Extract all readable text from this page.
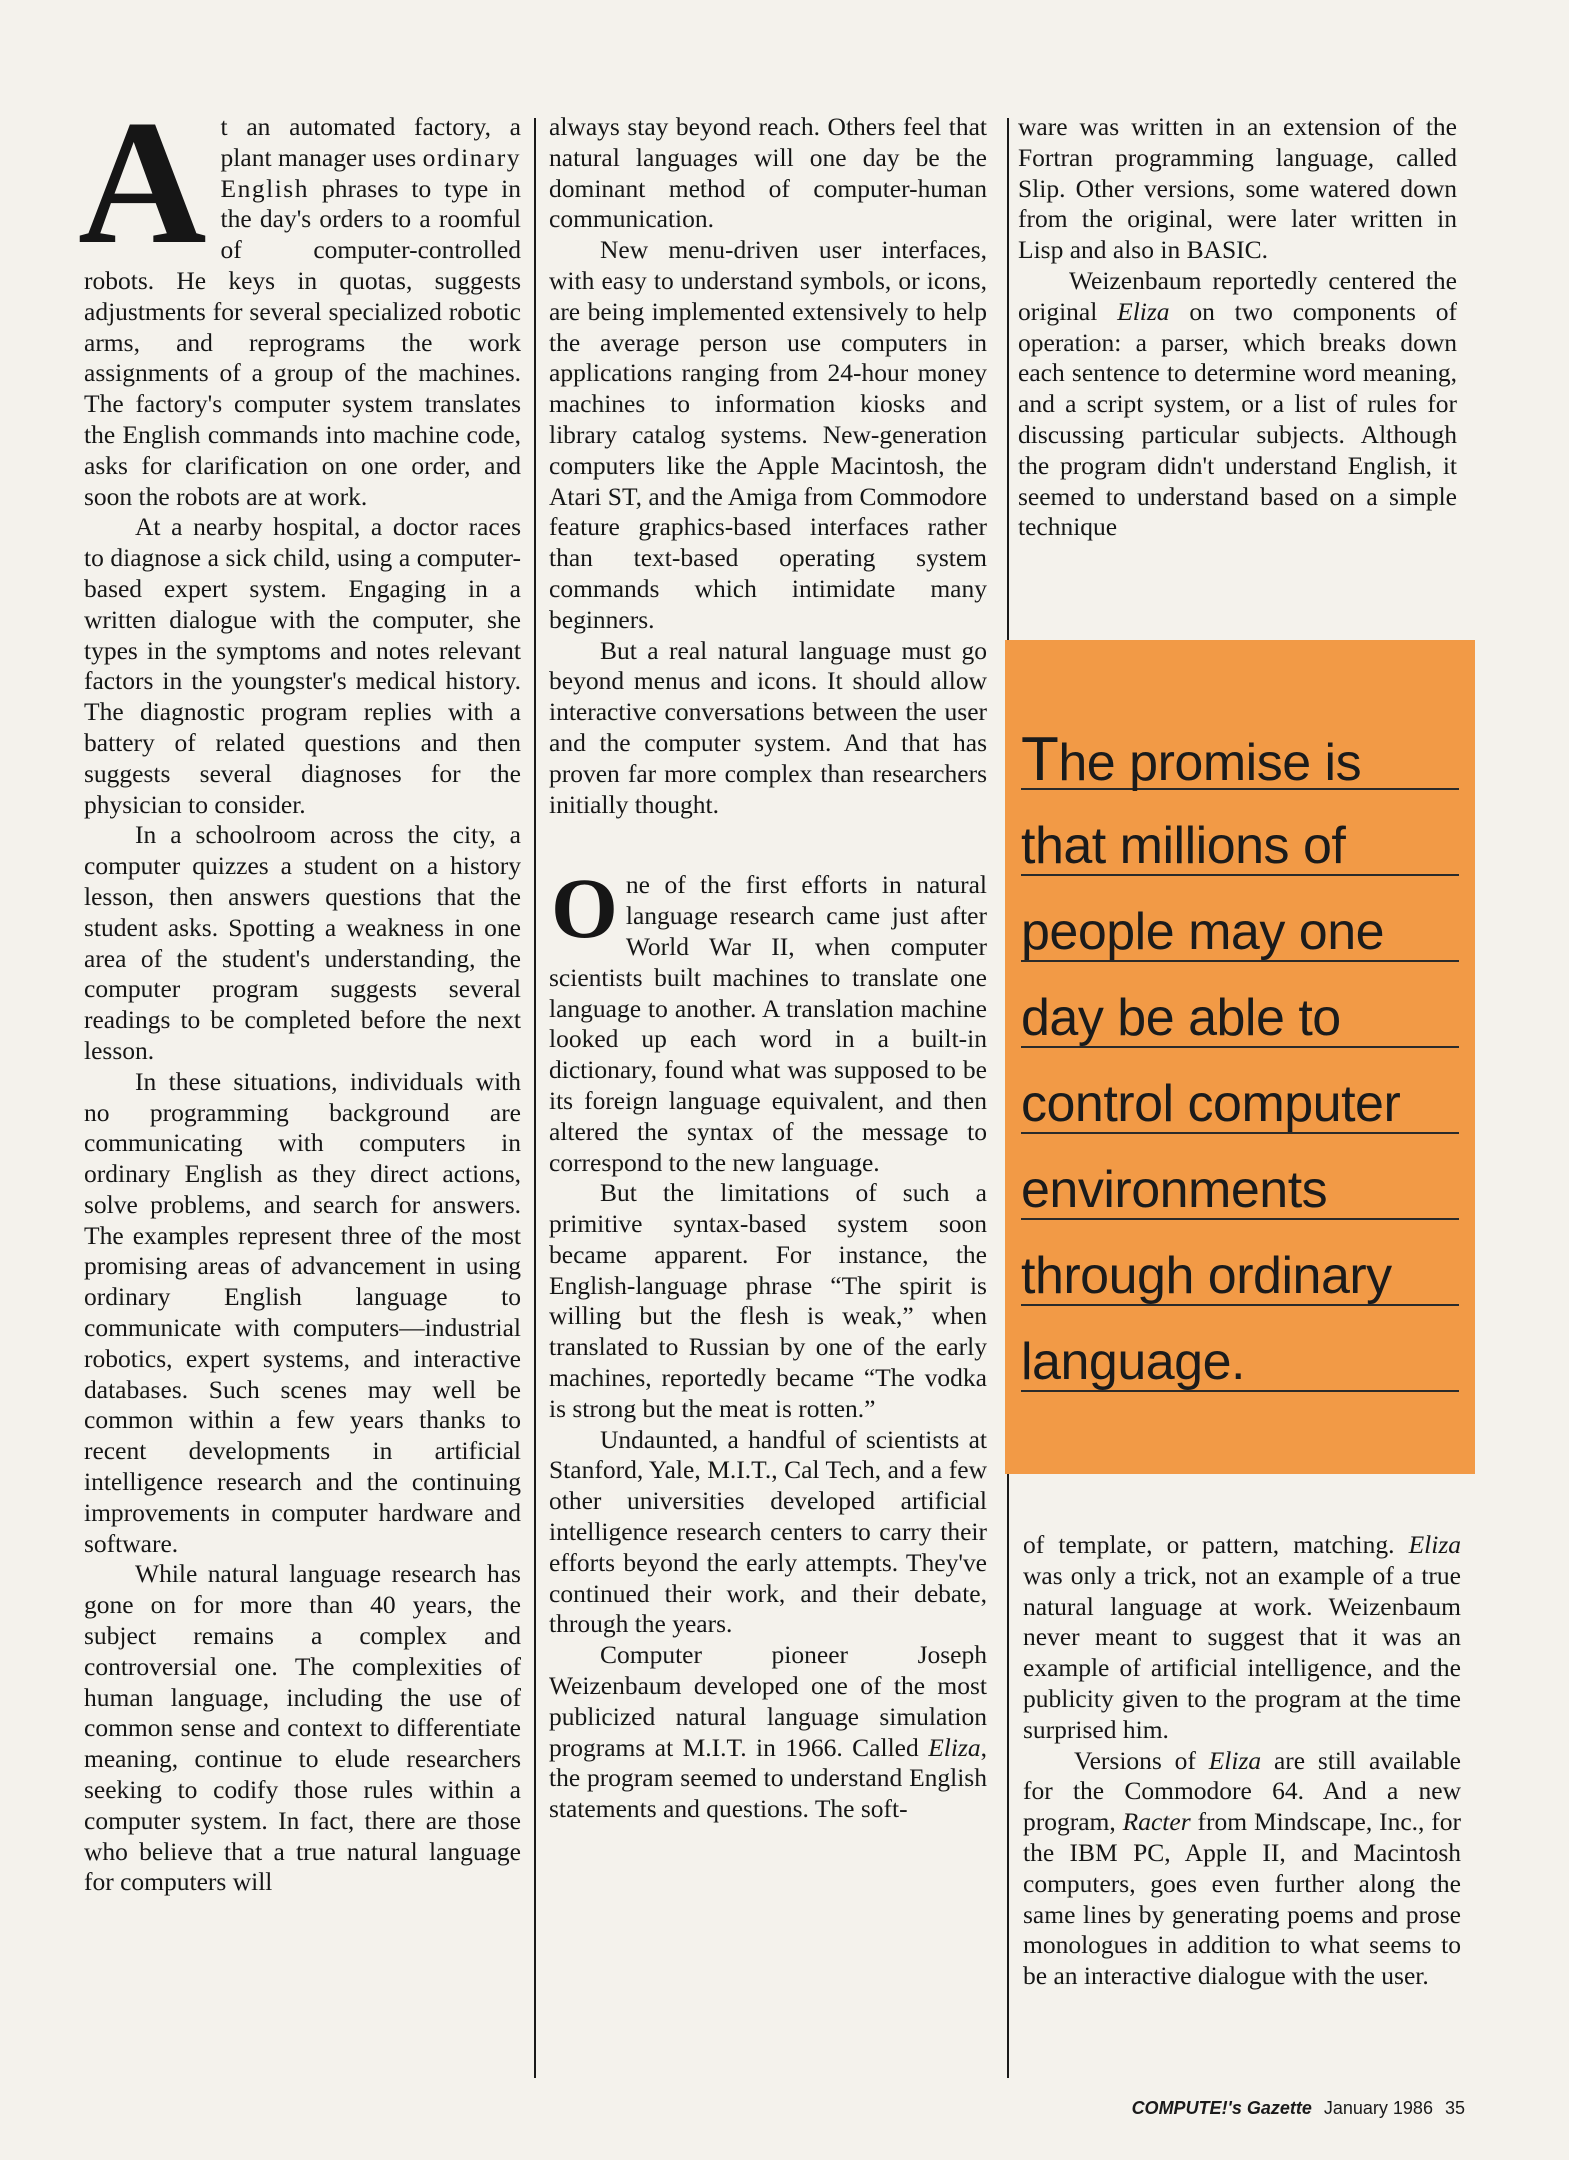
At an automated factory, a plant manager uses ordinary English phrases to type in the day's orders to a roomful of computer-controlled robots. He keys in quotas, suggests adjustments for several specialized robotic arms, and reprograms the work assignments of a group of the machines. The factory's computer system translates the English commands into machine code, asks for clarification on one order, and soon the robots are at work.

At a nearby hospital, a doctor races to diagnose a sick child, using a computer-based expert system. Engaging in a written dialogue with the computer, she types in the symptoms and notes relevant factors in the youngster's medical history. The diagnostic program replies with a battery of related questions and then suggests several diagnoses for the physician to consider.

In a schoolroom across the city, a computer quizzes a student on a history lesson, then answers questions that the student asks. Spotting a weakness in one area of the student's understanding, the computer program suggests several readings to be completed before the next lesson.

In these situations, individuals with no programming background are communicating with computers in ordinary English as they direct actions, solve problems, and search for answers. The examples represent three of the most promising areas of advancement in using ordinary English language to communicate with computers—industrial robotics, expert systems, and interactive databases. Such scenes may well be common within a few years thanks to recent developments in artificial intelligence research and the continuing improvements in computer hardware and software.

While natural language research has gone on for more than 40 years, the subject remains a complex and controversial one. The complexities of human language, including the use of common sense and context to differentiate meaning, continue to elude researchers seeking to codify those rules within a computer system. In fact, there are those who believe that a true natural language for computers will

always stay beyond reach. Others feel that natural languages will one day be the dominant method of computer-human communication.

New menu-driven user interfaces, with easy to understand symbols, or icons, are being implemented extensively to help the average person use computers in applications ranging from 24-hour money machines to information kiosks and library catalog systems. New-generation computers like the Apple Macintosh, the Atari ST, and the Amiga from Commodore feature graphics-based interfaces rather than text-based operating system commands which intimidate many beginners.

But a real natural language must go beyond menus and icons. It should allow interactive conversations between the user and the computer system. And that has proven far more complex than researchers initially thought.

One of the first efforts in natural language research came just after World War II, when computer scientists built machines to translate one language to another. A translation machine looked up each word in a built-in dictionary, found what was supposed to be its foreign language equivalent, and then altered the syntax of the message to correspond to the new language.

But the limitations of such a primitive syntax-based system soon became apparent. For instance, the English-language phrase “The spirit is willing but the flesh is weak,” when translated to Russian by one of the early machines, reportedly became “The vodka is strong but the meat is rotten.”

Undaunted, a handful of scientists at Stanford, Yale, M.I.T., Cal Tech, and a few other universities developed artificial intelligence research centers to carry their efforts beyond the early attempts. They've continued their work, and their debate, through the years.

Computer pioneer Joseph Weizenbaum developed one of the most publicized natural language simulation programs at M.I.T. in 1966. Called Eliza, the program seemed to understand English statements and questions. The soft-

ware was written in an extension of the Fortran programming language, called Slip. Other versions, some watered down from the original, were later written in Lisp and also in BASIC.

Weizenbaum reportedly centered the original Eliza on two components of operation: a parser, which breaks down each sentence to determine word meaning, and a script system, or a list of rules for discussing particular subjects. Although the program didn't understand English, it seemed to understand based on a simple technique

The promise is
that millions of
people may one
day be able to
control computer
environments
through ordinary
language.

of template, or pattern, matching. Eliza was only a trick, not an example of a true natural language at work. Weizenbaum never meant to suggest that it was an example of artificial intelligence, and the publicity given to the program at the time surprised him.

Versions of Eliza are still available for the Commodore 64. And a new program, Racter from Mindscape, Inc., for the IBM PC, Apple II, and Macintosh computers, goes even further along the same lines by generating poems and prose monologues in addition to what seems to be an interactive dialogue with the user.

COMPUTE!'s Gazette January 1986 35
